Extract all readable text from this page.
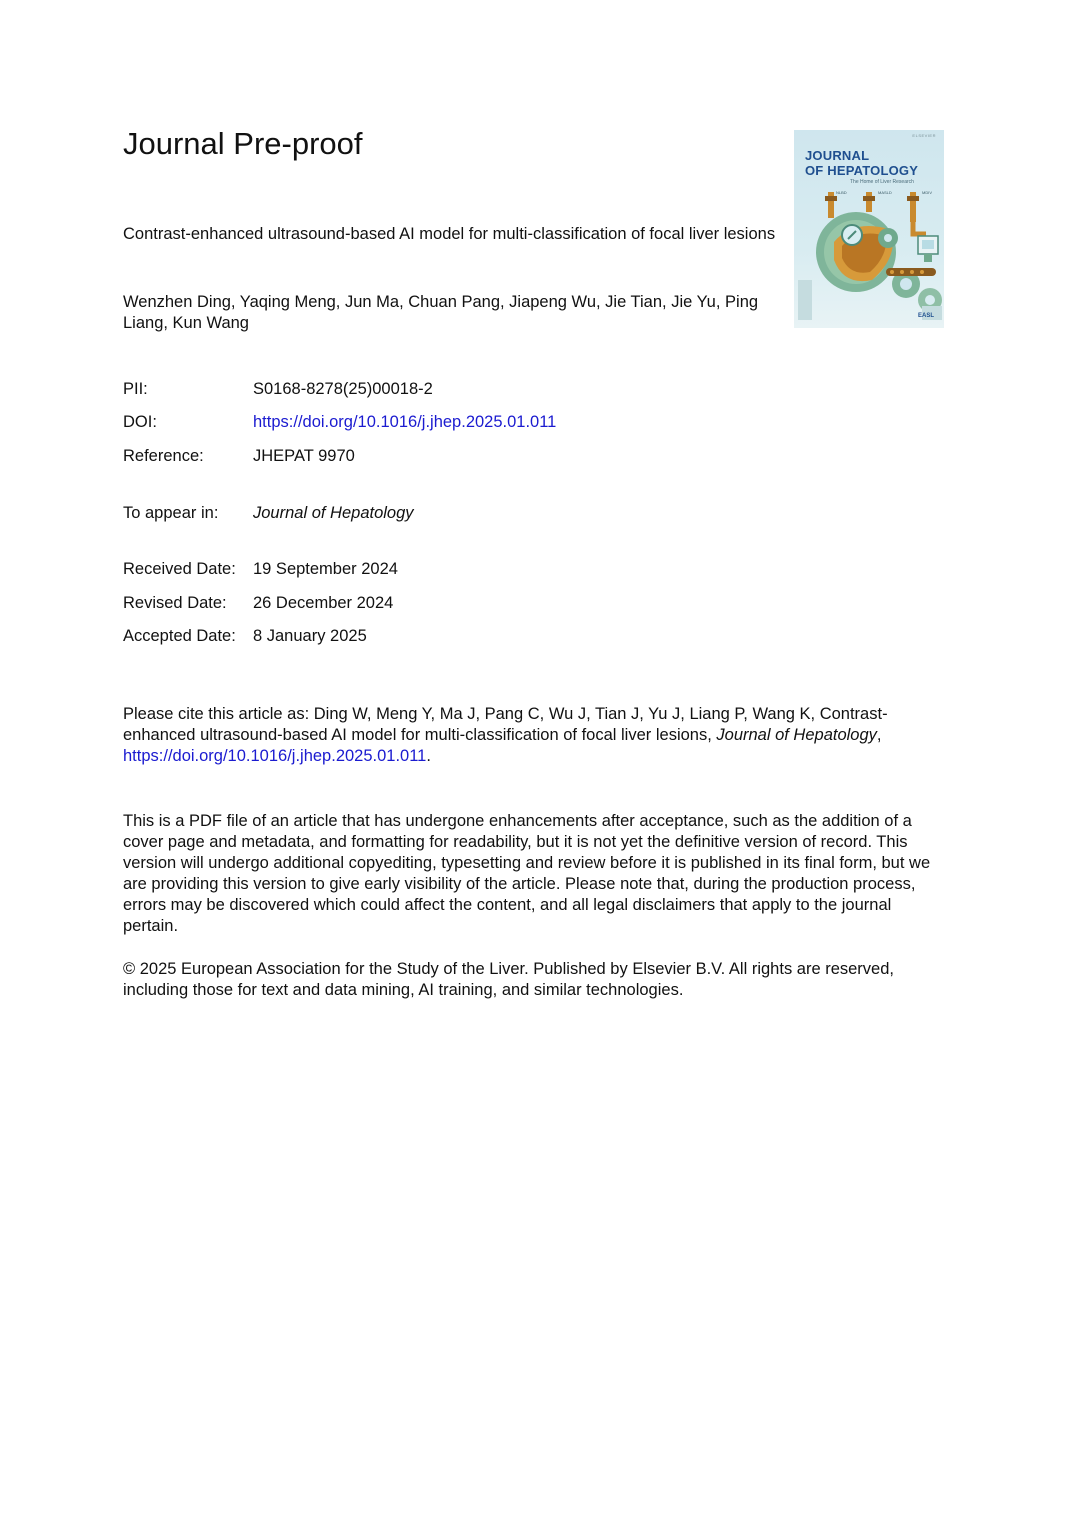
Journal Pre-proof
Contrast-enhanced ultrasound-based AI model for multi-classification of focal liver lesions
Wenzhen Ding, Yaqing Meng, Jun Ma, Chuan Pang, Jiapeng Wu, Jie Tian, Jie Yu, Ping Liang, Kun Wang
PII:	S0168-8278(25)00018-2
DOI:	https://doi.org/10.1016/j.jhep.2025.01.011
Reference:	JHEPAT 9970
To appear in: Journal of Hepatology
Received Date: 19 September 2024
Revised Date: 26 December 2024
Accepted Date: 8 January 2025
Please cite this article as: Ding W, Meng Y, Ma J, Pang C, Wu J, Tian J, Yu J, Liang P, Wang K, Contrast-enhanced ultrasound-based AI model for multi-classification of focal liver lesions, Journal of Hepatology, https://doi.org/10.1016/j.jhep.2025.01.011.
This is a PDF file of an article that has undergone enhancements after acceptance, such as the addition of a cover page and metadata, and formatting for readability, but it is not yet the definitive version of record. This version will undergo additional copyediting, typesetting and review before it is published in its final form, but we are providing this version to give early visibility of the article. Please note that, during the production process, errors may be discovered which could affect the content, and all legal disclaimers that apply to the journal pertain.
© 2025 European Association for the Study of the Liver. Published by Elsevier B.V. All rights are reserved, including those for text and data mining, AI training, and similar technologies.
ELSEVIER
JOURNAL
OF HEPATOLOGY
The Home of Liver Research
NLBD	MASLD	MDIV
EASL
